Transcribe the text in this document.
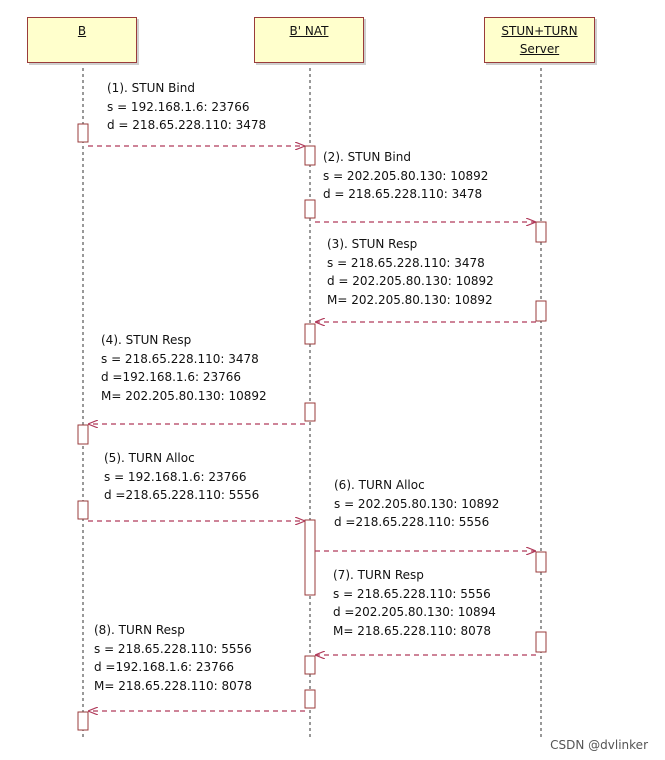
B	B' NAT	STUN+TURN
Server
(1). STUN Bind
s = 192.168.1.6: 23766
d = 218.65.228.110: 3478
(2). STUN Bind
s = 202.205.80.130: 10892
d = 218.65.228.110: 3478
(3). STUN Resp
s = 218.65.228.110: 3478
d = 202.205.80.130: 10892
M= 202.205.80.130: 10892
(4). STUN Resp
s = 218.65.228.110: 3478
d =192.168.1.6: 23766
M= 202.205.80.130: 10892
(5). TURN Alloc
s = 192.168.1.6: 23766
d =218.65.228.110: 5556
(6). TURN Alloc
s = 202.205.80.130: 10892
d =218.65.228.110: 5556
(7). TURN Resp
s = 218.65.228.110: 5556
d =202.205.80.130: 10894
M= 218.65.228.110: 8078
(8). TURN Resp
s = 218.65.228.110: 5556
d =192.168.1.6: 23766
M= 218.65.228.110: 8078
CSDN @dvlinker
